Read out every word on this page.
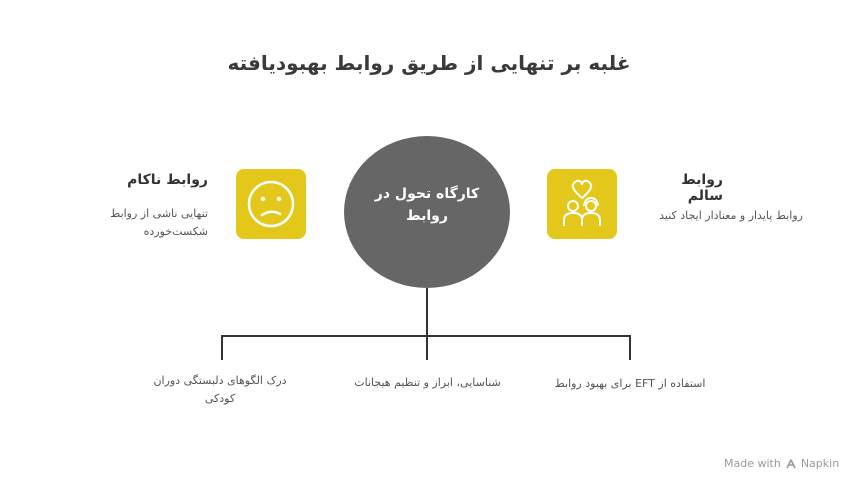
غلبه بر تنهایی از طریق روابط بهبودیافته
کارگاه تحول در روابط
روابط ناکام
تنهایی ناشی از روابط شکست‌خورده
روابط سالم
روابط پایدار و معنادار ایجاد کنید
درک الگوهای دلبستگی دوران کودکی
شناسایی، ابراز و تنظیم هیجانات	استفاده از EFT برای بهبود روابط
Made with Napkin
